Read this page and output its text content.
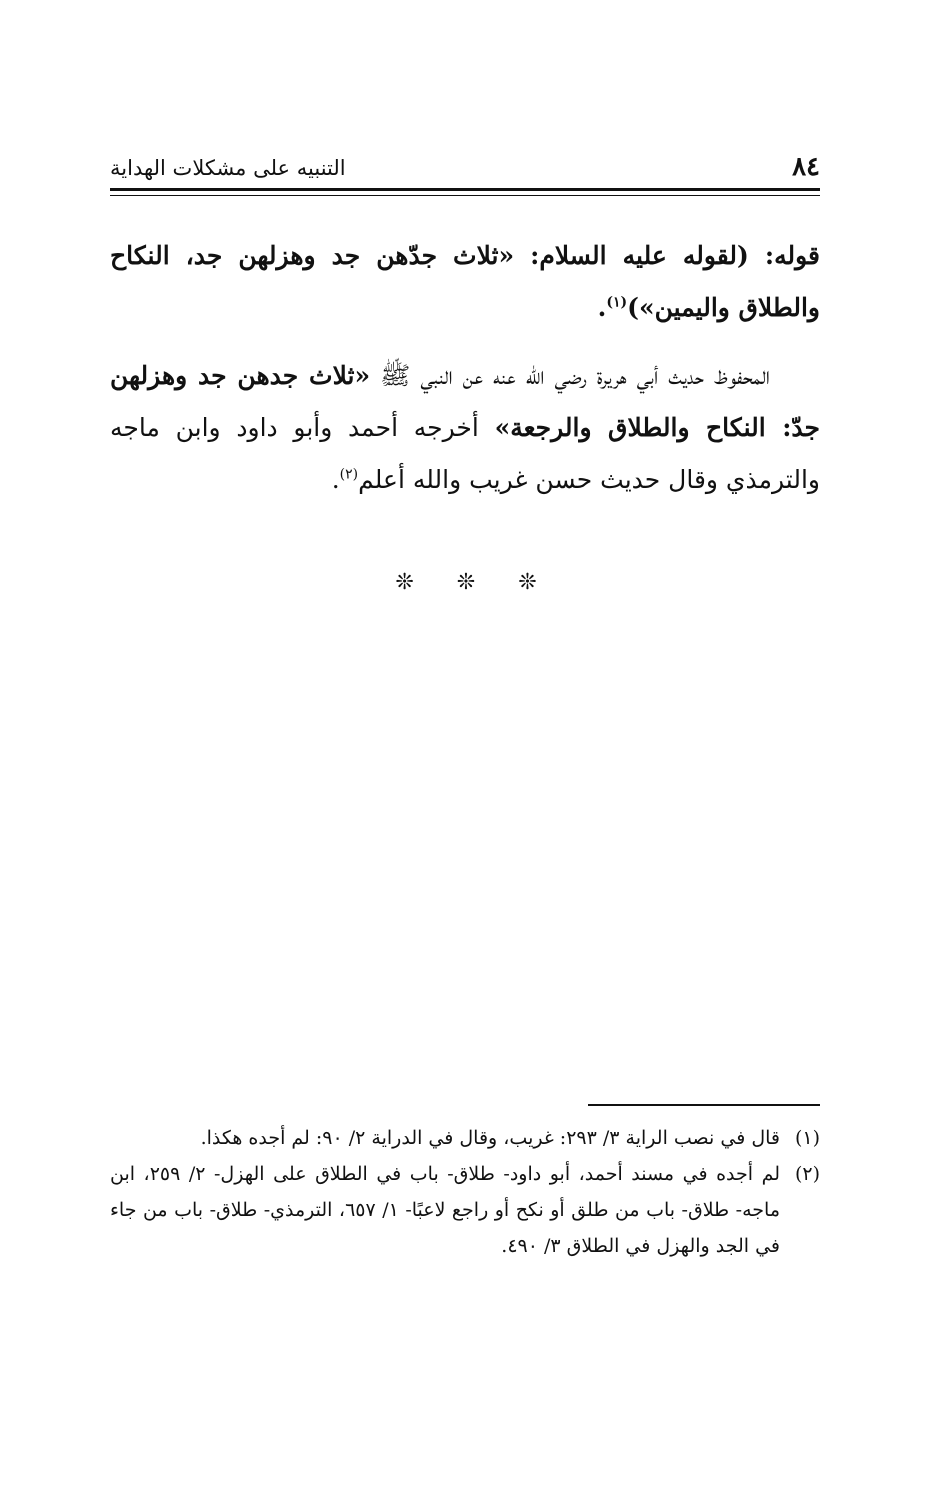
٨٤
التنبيه على مشكلات الهداية

قوله: (لقوله عليه السلام: «ثلاث جدّهن جد وهزلهن جد، النكاح والطلاق واليمين»)$^{(١)}$.

المحفوظ حديث أبي هريرة رضي الله عنه عن النبي ﷺ «ثلاث جدهن جد وهزلهن جدّ: النكاح والطلاق والرجعة» أخرجه أحمد وأبو داود وابن ماجه والترمذي وقال حديث حسن غريب والله أعلم$^{(٢)}$.

❊ ❊ ❊

(١)
قال في نصب الراية ٣/ ٢٩٣: غريب، وقال في الدراية ٢/ ٩٠: لم أجده هكذا.

(٢)
لم أجده في مسند أحمد، أبو داود- طلاق- باب في الطلاق على الهزل- ٢/ ٢٥٩، ابن ماجه- طلاق- باب من طلق أو نكح أو راجع لاعبًا- ١/ ٦٥٧، الترمذي- طلاق- باب من جاء في الجد والهزل في الطلاق ٣/ ٤٩٠.
